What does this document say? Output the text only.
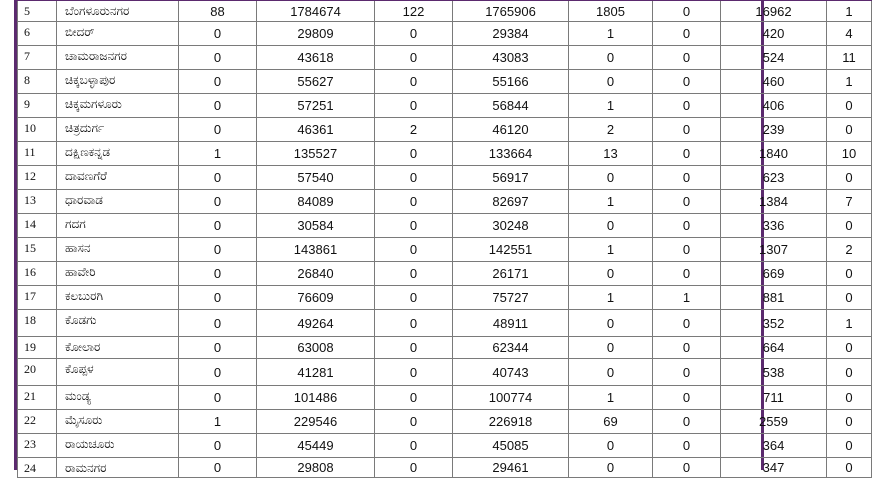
5	ಬೆಂಗಳೂರುನಗರ	88	1784674	122	1765906	1805	0	16962	1
6	ಬೀದರ್	0	29809	0	29384	1	0	420	4
7	ಚಾಮರಾಜನಗರ	0	43618	0	43083	0	0	524	11
8	ಚಿಕ್ಕಬಳ್ಳಾಪುರ	0	55627	0	55166	0	0	460	1
9	ಚಿಕ್ಕಮಗಳೂರು	0	57251	0	56844	1	0	406	0
10	ಚಿತ್ರದುರ್ಗ	0	46361	2	46120	2	0	239	0
11	ದಕ್ಷಿಣಕನ್ನಡ	1	135527	0	133664	13	0	1840	10
12	ದಾವಣಗೆರೆ	0	57540	0	56917	0	0	623	0
13	ಧಾರವಾಡ	0	84089	0	82697	1	0	1384	7
14	ಗದಗ	0	30584	0	30248	0	0	336	0
15	ಹಾಸನ	0	143861	0	142551	1	0	1307	2
16	ಹಾವೇರಿ	0	26840	0	26171	0	0	669	0
17	ಕಲಬುರಗಿ	0	76609	0	75727	1	1	881	0
18	ಕೊಡಗು	0	49264	0	48911	0	0	352	1
19	ಕೋಲಾರ	0	63008	0	62344	0	0	664	0
20	ಕೊಪ್ಪಳ	0	41281	0	40743	0	0	538	0
21	ಮಂಡ್ಯ	0	101486	0	100774	1	0	711	0
22	ಮೈಸೂರು	1	229546	0	226918	69	0	2559	0
23	ರಾಯಚೂರು	0	45449	0	45085	0	0	364	0
24	ರಾಮನಗರ	0	29808	0	29461	0	0	347	0
